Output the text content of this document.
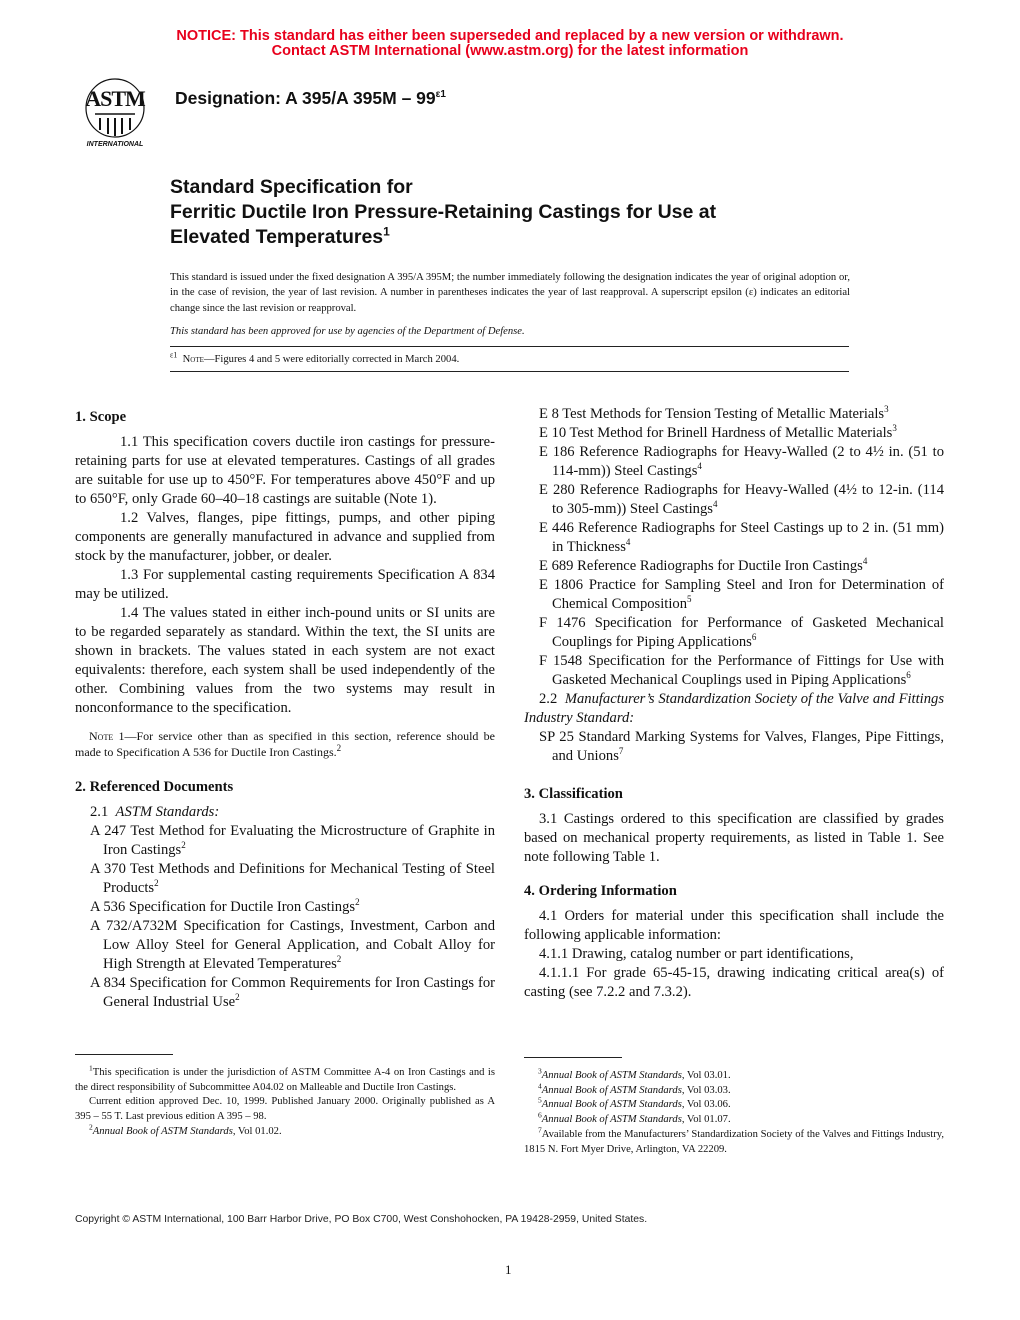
NOTICE: This standard has either been superseded and replaced by a new version or withdrawn.
Contact ASTM International (www.astm.org) for the latest information
ASTM
INTERNATIONAL
Designation: A 395/A $395M - 99^{\varepsilon 1}$
Standard Specification for
Ferritic Ductile Iron Pressure-Retaining Castings for Use at
Elevated Temperatures$^1$
This standard is issued under the fixed designation A 395/A 395M; the number immediately following the designation indicates the year of original adoption or, in the case of revision, the year of last revision. A number in parentheses indicates the year of last reapproval. A superscript epsilon (ε) indicates an editorial change since the last revision or reapproval.
This standard has been approved for use by agencies of the Department of Defense.
$^{\varepsilon 1}$ Note—Figures 4 and 5 were editorially corrected in March 2004.
1. Scope

1.1 This specification covers ductile iron castings for pressure-retaining parts for use at elevated temperatures. Castings of all grades are suitable for use up to 450°F. For temperatures above 450°F and up to 650°F, only Grade 60–40–18 castings are suitable (Note 1).

1.2 Valves, flanges, pipe fittings, pumps, and other piping components are generally manufactured in advance and supplied from stock by the manufacturer, jobber, or dealer.

1.3 For supplemental casting requirements Specification A 834 may be utilized.

1.4 The values stated in either inch-pound units or SI units are to be regarded separately as standard. Within the text, the SI units are shown in brackets. The values stated in each system are not exact equivalents: therefore, each system shall be used independently of the other. Combining values from the two systems may result in nonconformance to the specification.

Note 1—For service other than as specified in this section, reference should be made to Specification A 536 for Ductile Iron Castings.$^2$

2. Referenced Documents

2.1 ASTM Standards:

A 247 Test Method for Evaluating the Microstructure of Graphite in Iron Castings$^2$

A 370 Test Methods and Definitions for Mechanical Testing of Steel Products$^2$

A 536 Specification for Ductile Iron Castings$^2$

A 732/A732M Specification for Castings, Investment, Carbon and Low Alloy Steel for General Application, and Cobalt Alloy for High Strength at Elevated Temperatures$^2$

A 834 Specification for Common Requirements for Iron Castings for General Industrial Use$^2$

$^1$This specification is under the jurisdiction of ASTM Committee A-4 on Iron Castings and is the direct responsibility of Subcommittee A04.02 on Malleable and Ductile Iron Castings.
Current edition approved Dec. 10, 1999. Published January 2000. Originally published as A 395 – 55 T. Last previous edition A 395 – 98.
$^2$Annual Book of ASTM Standards, Vol 01.02.

E 8 Test Methods for Tension Testing of Metallic Materials$^3$

E 10 Test Method for Brinell Hardness of Metallic Materials$^3$

E 186 Reference Radiographs for Heavy-Walled (2 to 4½ in. (51 to 114-mm)) Steel Castings$^4$

E 280 Reference Radiographs for Heavy-Walled (4½ to 12-in. (114 to 305-mm)) Steel Castings$^4$

E 446 Reference Radiographs for Steel Castings up to 2 in. (51 mm) in Thickness$^4$

E 689 Reference Radiographs for Ductile Iron Castings$^4$

E 1806 Practice for Sampling Steel and Iron for Determination of Chemical Composition$^5$

F 1476 Specification for Performance of Gasketed Mechanical Couplings for Piping Applications$^6$

F 1548 Specification for the Performance of Fittings for Use with Gasketed Mechanical Couplings used in Piping Applications$^6$

2.2 Manufacturer’s Standardization Society of the Valve and Fittings Industry Standard:

SP 25 Standard Marking Systems for Valves, Flanges, Pipe Fittings, and Unions$^7$

3. Classification

3.1 Castings ordered to this specification are classified by grades based on mechanical property requirements, as listed in Table 1. See note following Table 1.

4. Ordering Information

4.1 Orders for material under this specification shall include the following applicable information:

4.1.1 Drawing, catalog number or part identifications,

4.1.1.1 For grade 65-45-15, drawing indicating critical area(s) of casting (see 7.2.2 and 7.3.2).

$^3$Annual Book of ASTM Standards, Vol 03.01.
$^4$Annual Book of ASTM Standards, Vol 03.03.
$^5$Annual Book of ASTM Standards, Vol 03.06.
$^6$Annual Book of ASTM Standards, Vol 01.07.
$^7$Available from the Manufacturers’ Standardization Society of the Valves and Fittings Industry, 1815 N. Fort Myer Drive, Arlington, VA 22209.
Copyright © ASTM International, 100 Barr Harbor Drive, PO Box C700, West Conshohocken, PA 19428-2959, United States.
1
